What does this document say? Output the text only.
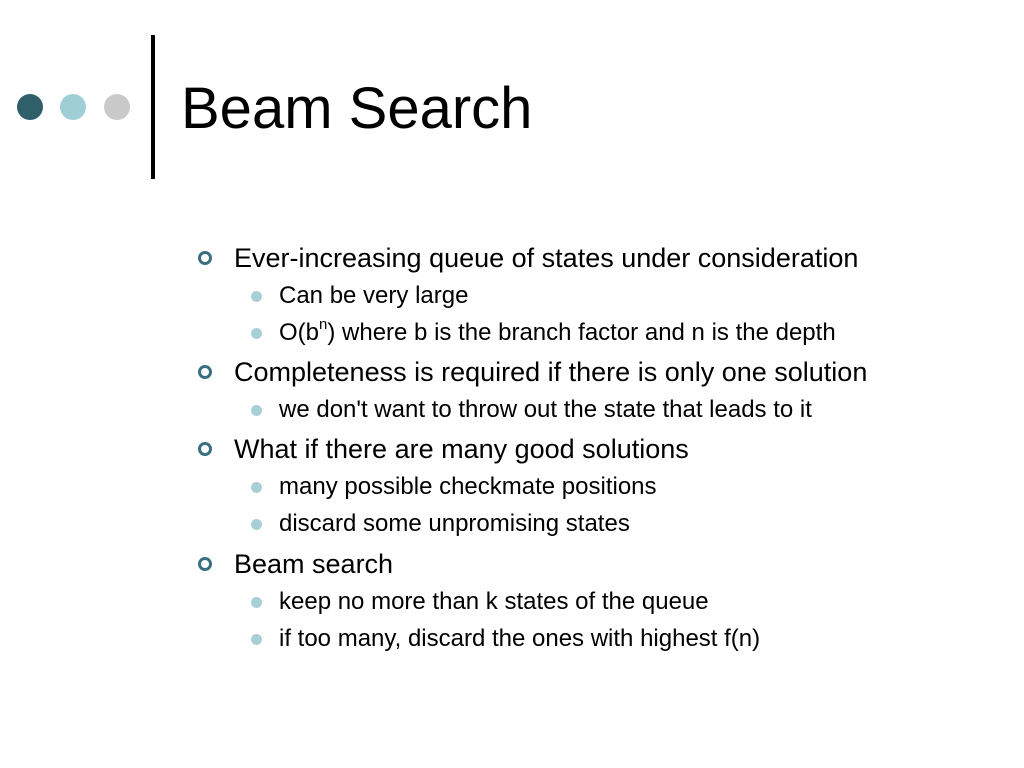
Beam Search
Ever-increasing queue of states under consideration
Can be very large
$O(b^n)$ where b is the branch factor and n is the depth
Completeness is required if there is only one solution
we don't want to throw out the state that leads to it
What if there are many good solutions
many possible checkmate positions
discard some unpromising states
Beam search
keep no more than k states of the queue
if too many, discard the ones with highest f(n)
